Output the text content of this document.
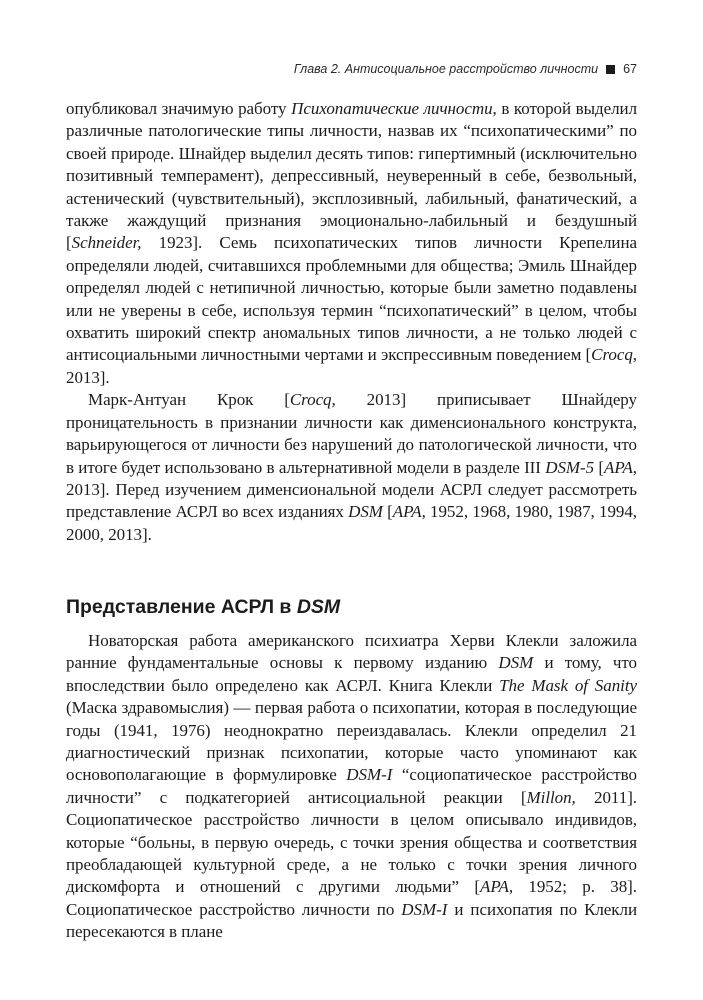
Глава 2. Антисоциальное расстройство личности 67

опубликовал значимую работу Психопатические личности, в которой выделил различные патологические типы личности, назвав их “психопатическими” по своей природе. Шнайдер выделил десять типов: гипертимный (исключительно позитивный темперамент), депрессивный, неуверенный в себе, безвольный, астенический (чувствительный), эксплозивный, лабильный, фанатический, а также жаждущий признания эмоционально-лабильный и бездушный [Schneider, 1923]. Семь психопатических типов личности Крепелина определяли людей, считавшихся проблемными для общества; Эмиль Шнайдер определял людей с нетипичной личностью, которые были заметно подавлены или не уверены в себе, используя термин “психопатический” в целом, чтобы охватить широкий спектр аномальных типов личности, а не только людей с антисоциальными личностными чертами и экспрессивным поведением [Crocq, 2013].

Марк-Антуан Крок [Crocq, 2013] приписывает Шнайдеру проницательность в признании личности как дименсионального конструкта, варьирующегося от личности без нарушений до патологической личности, что в итоге будет использовано в альтернативной модели в разделе III DSM-5 [APA, 2013]. Перед изучением дименсиональной модели АСРЛ следует рассмотреть представление АСРЛ во всех изданиях DSM [APA, 1952, 1968, 1980, 1987, 1994, 2000, 2013].

Представление АСРЛ в DSM

Новаторская работа американского психиатра Херви Клекли заложила ранние фундаментальные основы к первому изданию DSM и тому, что впоследствии было определено как АСРЛ. Книга Клекли The Mask of Sanity (Маска здравомыслия) — первая работа о психопатии, которая в последующие годы (1941, 1976) неоднократно переиздавалась. Клекли определил 21 диагностический признак психопатии, которые часто упоминают как основополагающие в формулировке DSM-I “социопатическое расстройство личности” с подкатегорией антисоциальной реакции [Millon, 2011]. Социопатическое расстройство личности в целом описывало индивидов, которые “больны, в первую очередь, с точки зрения общества и соответствия преобладающей культурной среде, а не только с точки зрения личного дискомфорта и отношений с другими людьми” [APA, 1952; p. 38]. Социопатическое расстройство личности по DSM-I и психопатия по Клекли пересекаются в плане
